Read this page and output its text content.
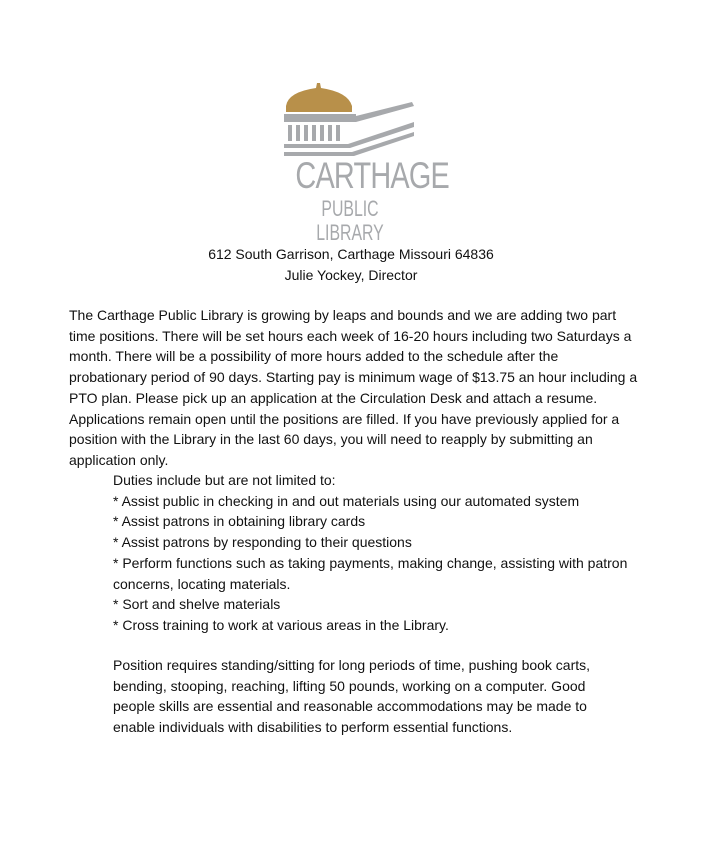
CARTHAGE
PUBLIC LIBRARY
612 South Garrison, Carthage Missouri 64836
Julie Yockey, Director

The Carthage Public Library is growing by leaps and bounds and we are adding two part time positions. There will be set hours each week of 16-20 hours including two Saturdays a month. There will be a possibility of more hours added to the schedule after the probationary period of 90 days. Starting pay is minimum wage of $13.75 an hour including a PTO plan. Please pick up an application at the Circulation Desk and attach a resume. Applications remain open until the positions are filled. If you have previously applied for a position with the Library in the last 60 days, you will need to reapply by submitting an application only.

Duties include but are not limited to:
* Assist public in checking in and out materials using our automated system
* Assist patrons in obtaining library cards
* Assist patrons by responding to their questions
* Perform functions such as taking payments, making change, assisting with patron concerns, locating materials.
* Sort and shelve materials
* Cross training to work at various areas in the Library.

Position requires standing/sitting for long periods of time, pushing book carts, bending, stooping, reaching, lifting 50 pounds, working on a computer. Good people skills are essential and reasonable accommodations may be made to enable individuals with disabilities to perform essential functions.
